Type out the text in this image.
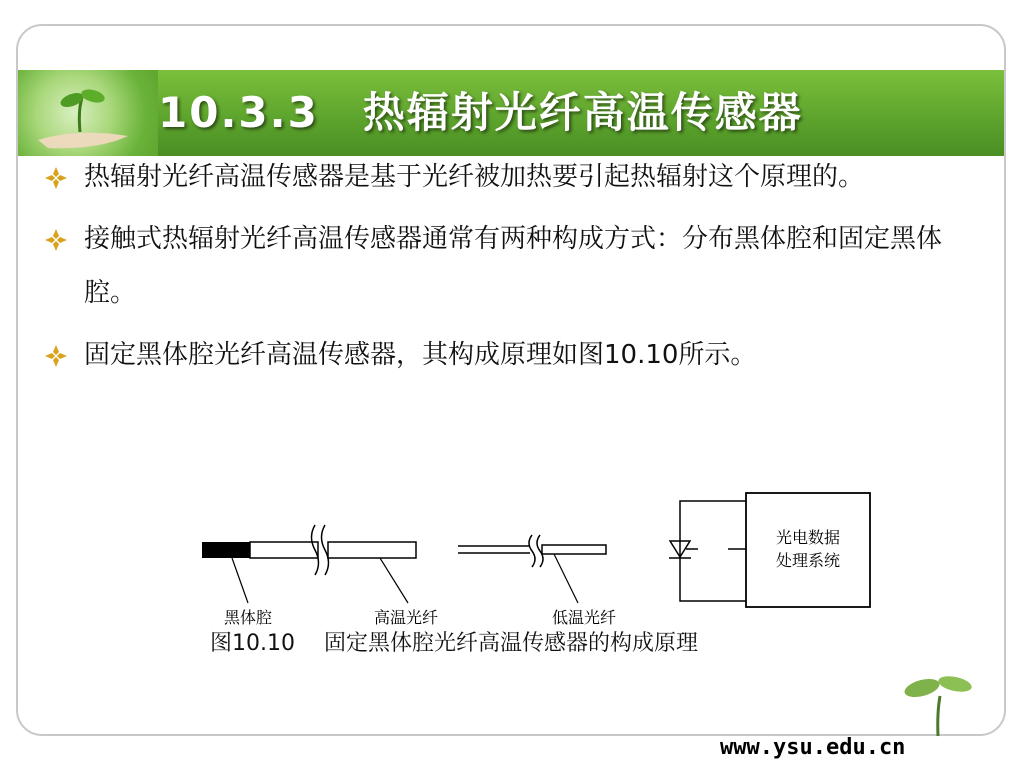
10.3.3　热辐射光纤高温传感器
热辐射光纤高温传感器是基于光纤被加热要引起热辐射这个原理的。
接触式热辐射光纤高温传感器通常有两种构成方式：分布黑体腔和固定黑体腔。
固定黑体腔光纤高温传感器，其构成原理如图10.10所示。
光电数据
处理系统
黑体腔	高温光纤	低温光纤
图10.10　 固定黑体腔光纤高温传感器的构成原理
www.ysu.edu.cn
